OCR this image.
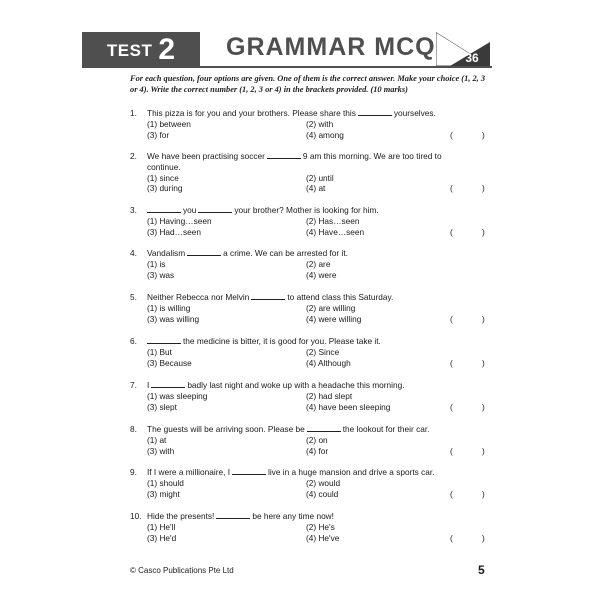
TEST 2 GRAMMAR MCQ	36
For each question, four options are given. One of them is the correct answer. Make your choice (1, 2, 3 or 4). Write the correct number (1, 2, 3 or 4) in the brackets provided. (10 marks)
1. This pizza is for you and your brothers. Please share this	yourselves.
(1) between	(2) with
(3) for	(4) among	(	)
2. We have been practising soccer	9 am this morning. We are too tired to
continue.
(1) since	(2) until
(3) during	(4) at	(	)
3.	you	your brother? Mother is looking for him.
(1) Having…seen	(2) Has…seen
(3) Had…seen	(4) Have…seen	(	)
4. Vandalism	a crime. We can be arrested for it.
(1) is	(2) are
(3) was	(4) were
5. Neither Rebecca nor Melvin	to attend class this Saturday.
(1) is willing	(2) are willing
(3) was willing	(4) were willing	(	)
6.	the medicine is bitter, it is good for you. Please take it.
(1) But	(2) Since
(3) Because	(4) Although	(	)
7. I	badly last night and woke up with a headache this morning.
(1) was sleeping	(2) had slept
(3) slept	(4) have been sleeping	(	)
8. The guests will be arriving soon. Please be	the lookout for their car.
(1) at	(2) on
(3) with	(4) for	(	)
9. If I were a millionaire, I	live in a huge mansion and drive a sports car.
(1) should	(2) would
(3) might	(4) could	(	)
10. Hide the presents!	be here any time now!
(1) He'll	(2) He's
(3) He'd	(4) He've	(	)
© Casco Publications Pte Ltd	5
